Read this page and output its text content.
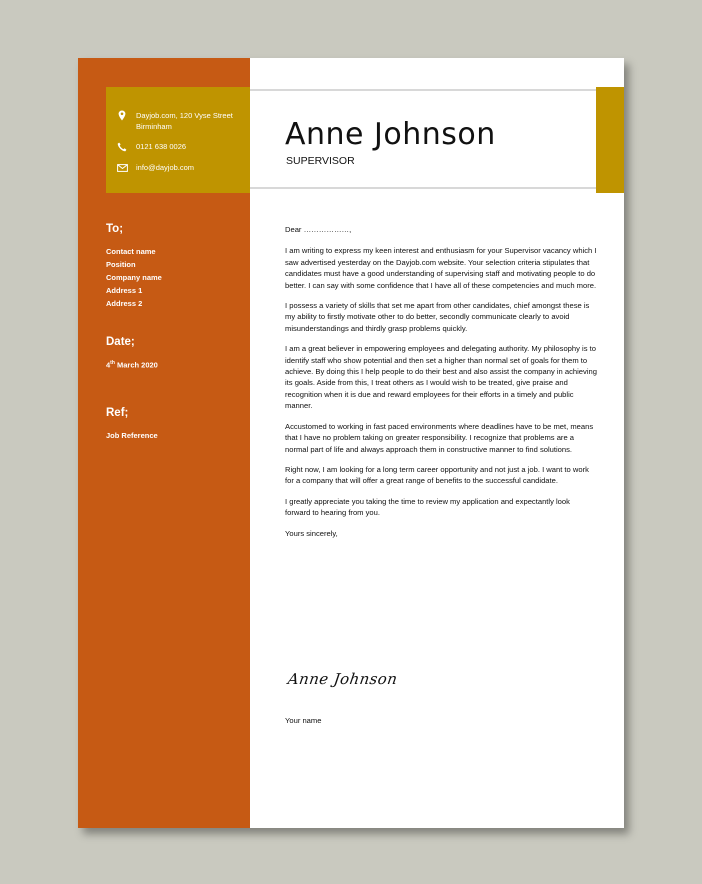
Dayjob.com, 120 Vyse Street Birminham
0121 638 0026
info@dayjob.com
To;
Contact name
Position
Company name
Address 1
Address 2
Date;
4th March 2020
Ref;
Job Reference
Anne Johnson
SUPERVISOR

Dear ………………,

I am writing to express my keen interest and enthusiasm for your Supervisor vacancy which I saw advertised yesterday on the Dayjob.com website. Your selection criteria stipulates that candidates must have a good understanding of supervising staff and motivating people to do better. I can say with some confidence that I have all of these competencies and much more.

I possess a variety of skills that set me apart from other candidates, chief amongst these is my ability to firstly motivate other to do better, secondly communicate clearly to avoid misunderstandings and thirdly grasp problems quickly.

I am a great believer in empowering employees and delegating authority. My philosophy is to identify staff who show potential and then set a higher than normal set of goals for them to achieve. By doing this I help people to do their best and also assist the company in achieving its goals. Aside from this, I treat others as I would wish to be treated, give praise and recognition when it is due and reward employees for their efforts in a timely and public manner.

Accustomed to working in fast paced environments where deadlines have to be met, means that I have no problem taking on greater responsibility. I recognize that problems are a normal part of life and always approach them in constructive manner to find solutions.

Right now, I am looking for a long term career opportunity and not just a job. I want to work for a company that will offer a great range of benefits to the successful candidate.

I greatly appreciate you taking the time to review my application and expectantly look forward to hearing from you.

Yours sincerely,

Anne Johnson
Your name
